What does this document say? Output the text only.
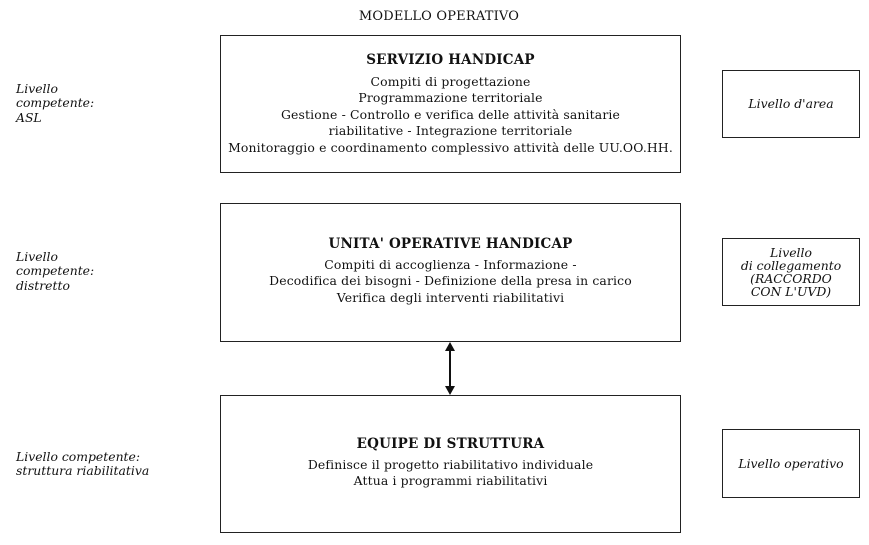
MODELLO OPERATIVO
SERVIZIO HANDICAP
Compiti di progettazione
Programmazione territoriale
Gestione - Controllo e verifica delle attività sanitarie
riabilitative - Integrazione territoriale
Monitoraggio e coordinamento complessivo attività delle UU.OO.HH.
UNITA' OPERATIVE HANDICAP
Compiti di accoglienza - Informazione -
Decodifica dei bisogni - Definizione della presa in carico
Verifica degli interventi riabilitativi
EQUIPE DI STRUTTURA
Definisce il progetto riabilitativo individuale
Attua i programmi riabilitativi
Livello
competente:
ASL
Livello
competente:
distretto
Livello competente:
struttura riabilitativa
Livello d'area
Livello
di collegamento
(RACCORDO
CON L'UVD)
Livello operativo
